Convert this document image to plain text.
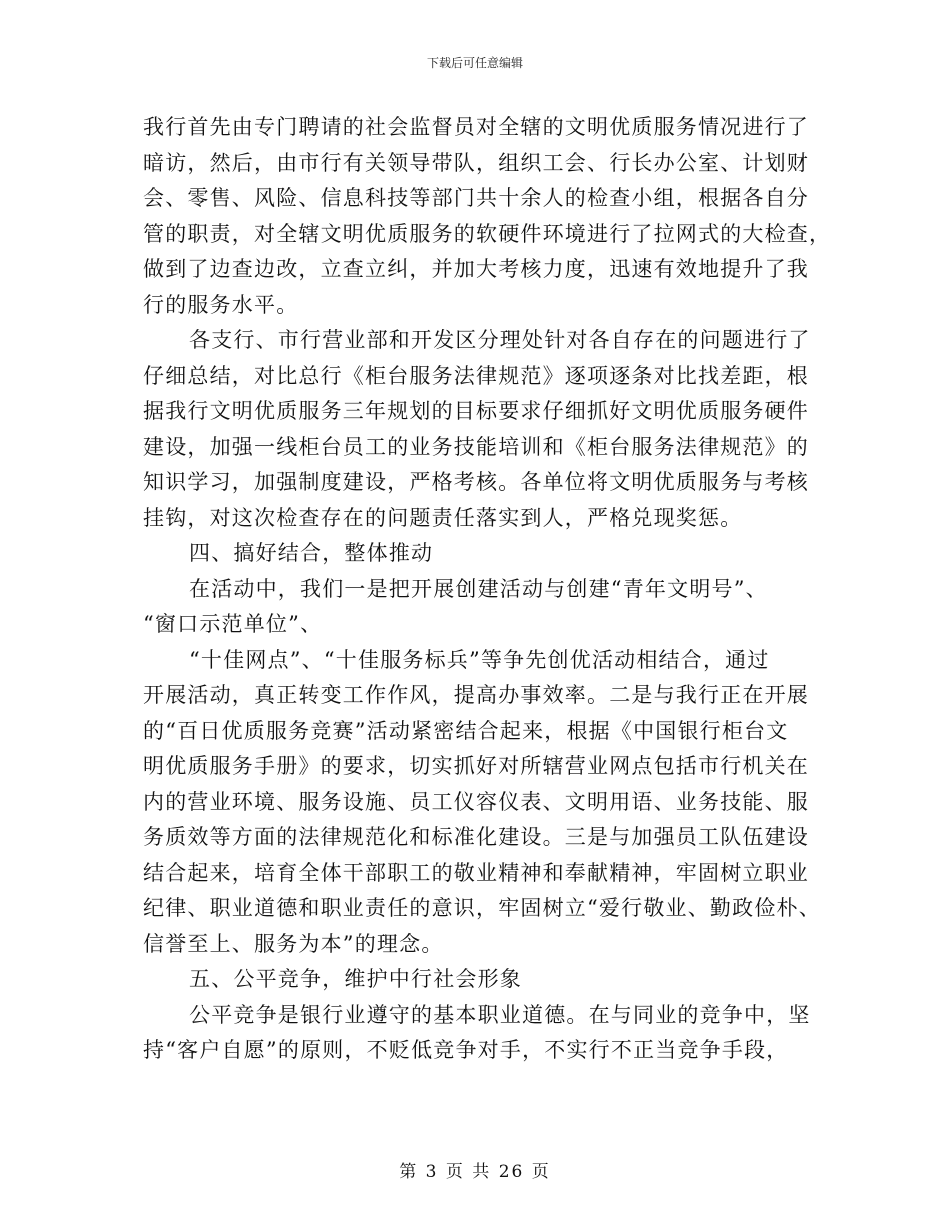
下载后可任意编辑
我行首先由专门聘请的社会监督员对全辖的文明优质服务情况进行了
暗访，然后，由市行有关领导带队，组织工会、行长办公室、计划财
会、零售、风险、信息科技等部门共十余人的检查小组，根据各自分
管的职责，对全辖文明优质服务的软硬件环境进行了拉网式的大检查，
做到了边查边改，立查立纠，并加大考核力度，迅速有效地提升了我
行的服务水平。
各支行、市行营业部和开发区分理处针对各自存在的问题进行了
仔细总结，对比总行《柜台服务法律规范》逐项逐条对比找差距，根
据我行文明优质服务三年规划的目标要求仔细抓好文明优质服务硬件
建设，加强一线柜台员工的业务技能培训和《柜台服务法律规范》的
知识学习，加强制度建设，严格考核。各单位将文明优质服务与考核
挂钩，对这次检查存在的问题责任落实到人，严格兑现奖惩。
四、搞好结合，整体推动
在活动中，我们一是把开展创建活动与创建“青年文明号”、
“窗口示范单位”、
“十佳网点”、“十佳服务标兵”等争先创优活动相结合，通过
开展活动，真正转变工作作风，提高办事效率。二是与我行正在开展
的“百日优质服务竞赛”活动紧密结合起来，根据《中国银行柜台文
明优质服务手册》的要求，切实抓好对所辖营业网点包括市行机关在
内的营业环境、服务设施、员工仪容仪表、文明用语、业务技能、服
务质效等方面的法律规范化和标准化建设。三是与加强员工队伍建设
结合起来，培育全体干部职工的敬业精神和奉献精神，牢固树立职业
纪律、职业道德和职业责任的意识，牢固树立“爱行敬业、勤政俭朴、
信誉至上、服务为本”的理念。
五、公平竞争，维护中行社会形象
公平竞争是银行业遵守的基本职业道德。在与同业的竞争中，坚
持“客户自愿”的原则，不贬低竞争对手，不实行不正当竞争手段，
第 3 页 共 26 页
